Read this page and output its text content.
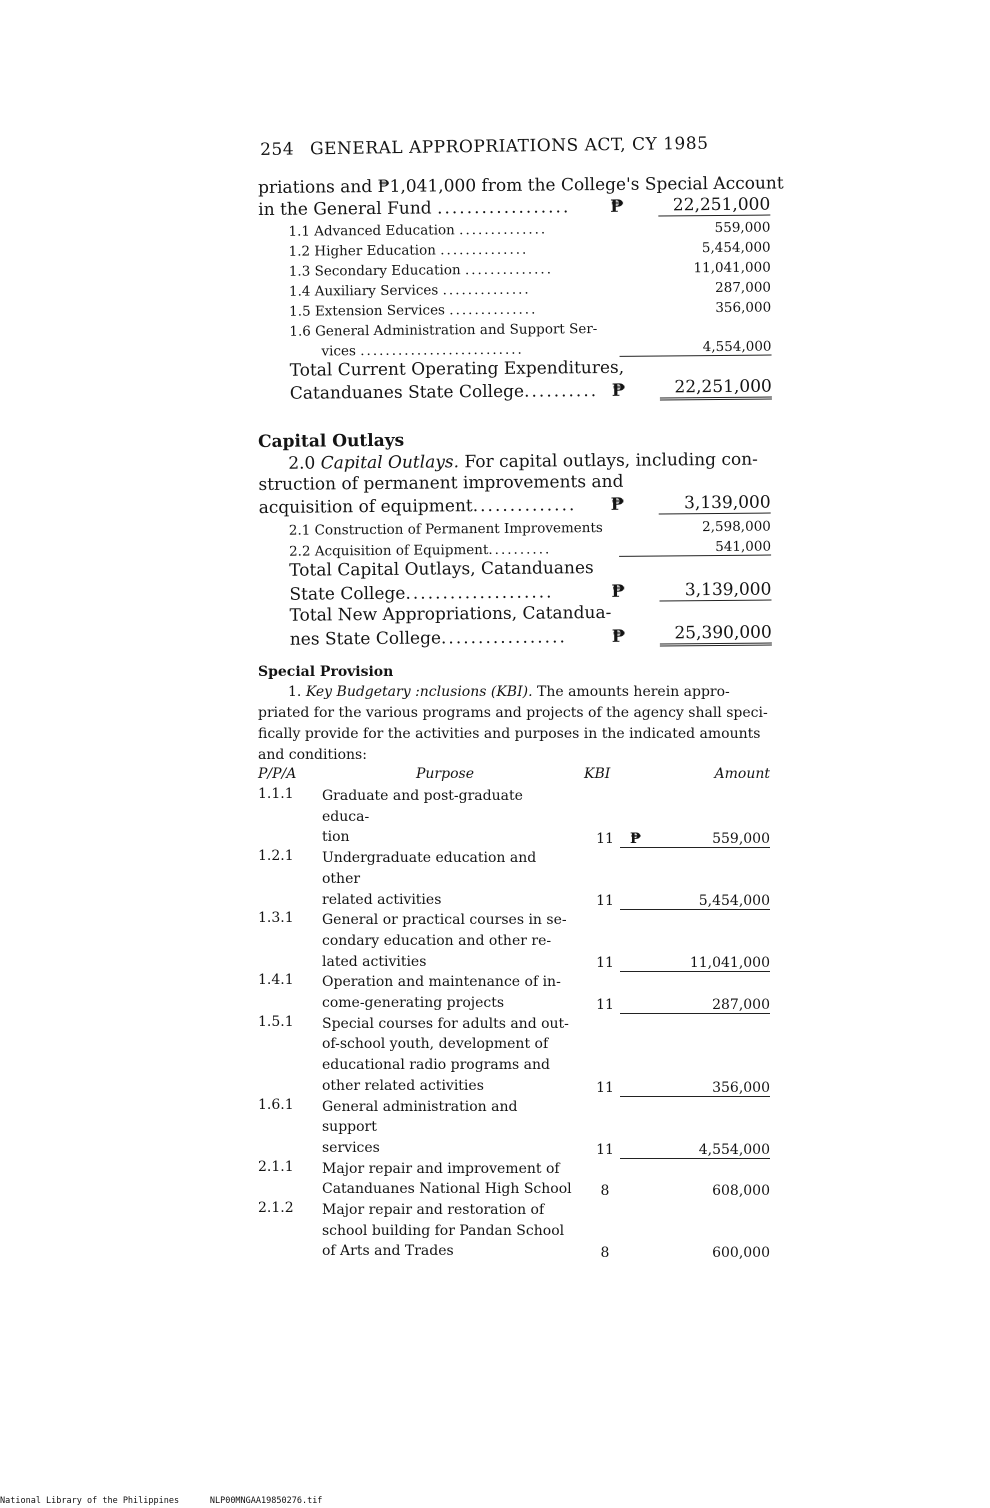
254 GENERAL APPROPRIATIONS ACT, CY 1985
priations and ₱1,041,000 from the College's Special Account
in the General Fund .................. ₱	22,251,000
1.1 Advanced Education ..............	559,000
1.2 Higher Education ..............	5,454,000
1.3 Secondary Education ..............	11,041,000
1.4 Auxiliary Services ..............	287,000
1.5 Extension Services ..............	356,000
1.6 General Administration and Support Ser-
vices ..........................	4,554,000
Total Current Operating Expenditures,
Catanduanes State College.......... ₱	22,251,000
Capital Outlays
2.0 Capital Outlays. For capital outlays, including con-
struction of permanent improvements and
acquisition of equipment.............. ₱	3,139,000
2.1 Construction of Permanent Improvements	2,598,000
2.2 Acquisition of Equipment..........	541,000
Total Capital Outlays, Catanduanes
State College....................	₱	3,139,000
Total New Appropriations, Catandua-
nes State College.................	₱	25,390,000
Special Provision
1. Key Budgetary :nclusions (KBI). The amounts herein appro-
priated for the various programs and projects of the agency shall speci-
fically provide for the activities and purposes in the indicated amounts
and conditions:
P/P/A	Purpose	KBI	Amount
1.1.1 Graduate and post-graduate educa-
tion	11	₱	559,000
1.2.1 Undergraduate education and other
related activities	11	5,454,000
1.3.1 General or practical courses in se-
condary education and other re-
lated activities	11	11,041,000
1.4.1 Operation and maintenance of in-
come-generating projects	11	287,000
1.5.1 Special courses for adults and out-
of-school youth, development of
educational radio programs and
other related activities	11	356,000
1.6.1 General administration and support
services	11	4,554,000
2.1.1 Major repair and improvement of
Catanduanes National High School	8	608,000
2.1.2 Major repair and restoration of
school building for Pandan School
of Arts and Trades	8	600,000
National Library of the Philippines	NLP00MNGAA19850276.tif
